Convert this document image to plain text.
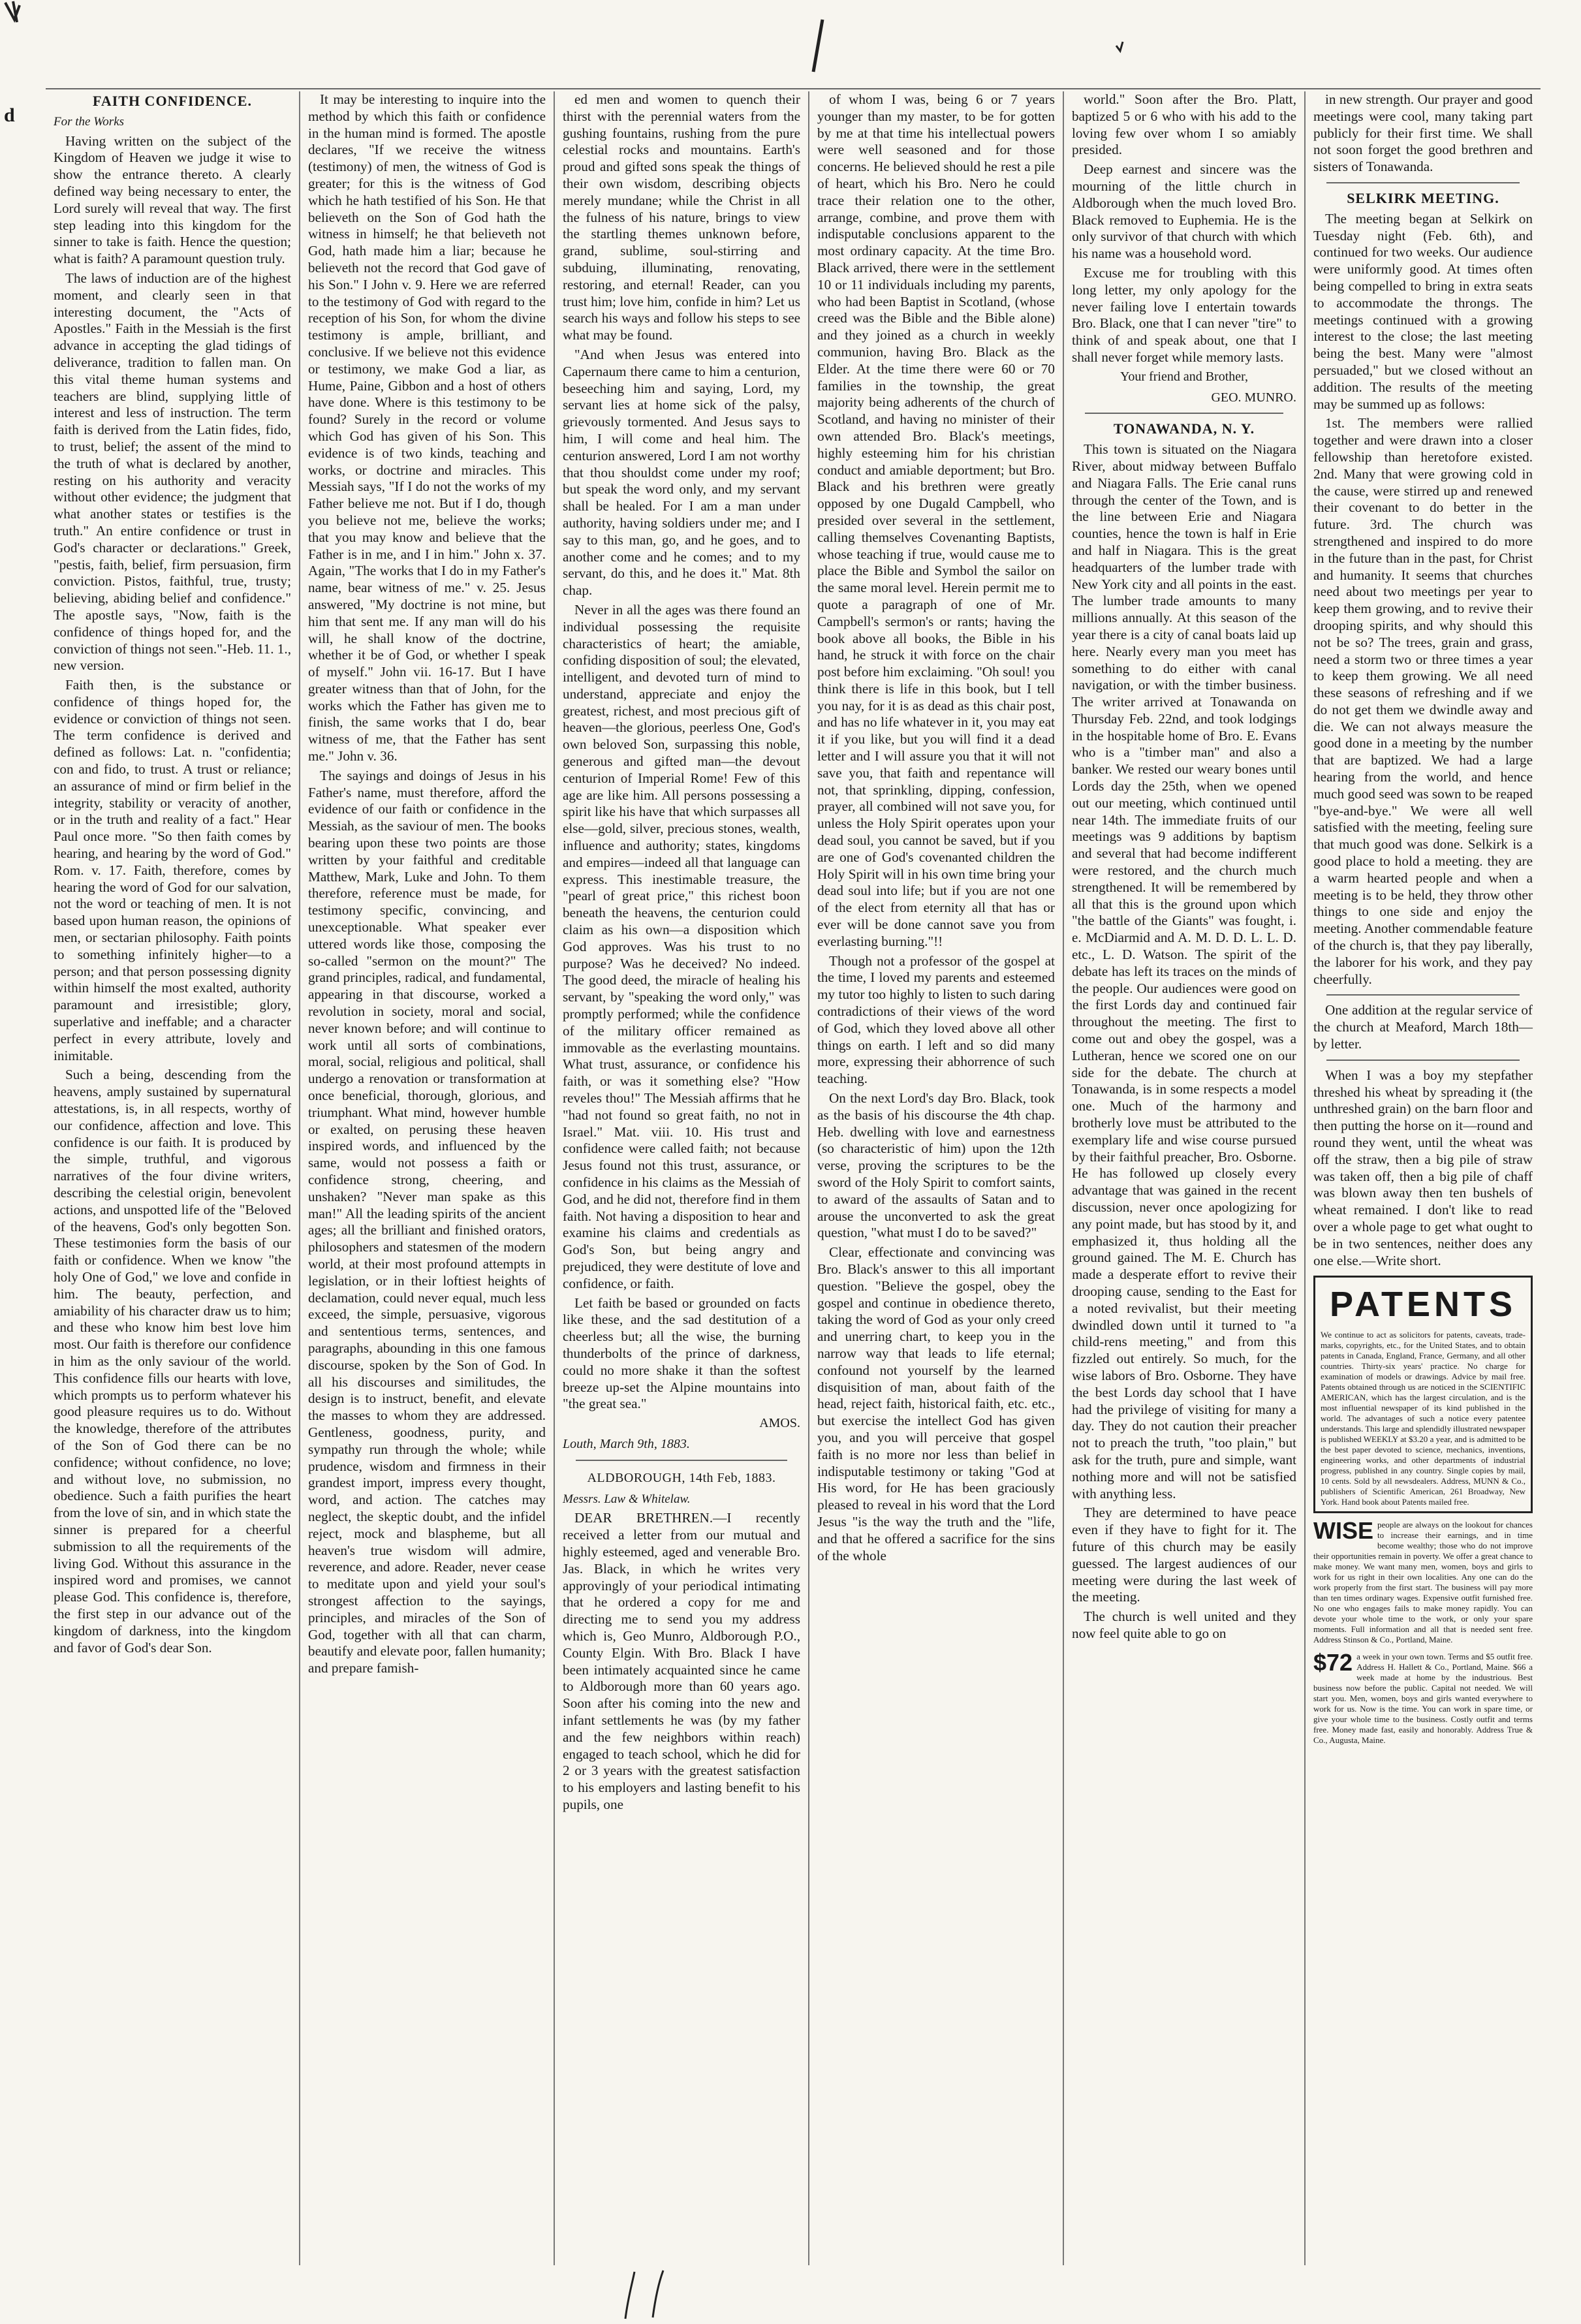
FAITH CONFIDENCE.
For the Works

Having written on the subject of the Kingdom of Heaven we judge it wise to show the entrance thereto. A clearly defined way being necessary to enter, the Lord surely will reveal that way. The first step leading into this kingdom for the sinner to take is faith. Hence the question; what is faith? A paramount question truly.

The laws of induction are of the highest moment, and clearly seen in that interesting document, the "Acts of Apostles." Faith in the Messiah is the first advance in accepting the glad tidings of deliverance, tradition to fallen man. On this vital theme human systems and teachers are blind, supplying little of interest and less of instruction. The term faith is derived from the Latin fides, fido, to trust, belief; the assent of the mind to the truth of what is declared by another, resting on his authority and veracity without other evidence; the judgment that what another states or testifies is the truth." An entire confidence or trust in God's character or declarations." Greek, "pestis, faith, belief, firm persuasion, firm conviction. Pistos, faithful, true, trusty; believing, abiding belief and confidence." The apostle says, "Now, faith is the confidence of things hoped for, and the conviction of things not seen."-Heb. 11. 1., new version.

Faith then, is the substance or confidence of things hoped for, the evidence or conviction of things not seen. The term confidence is derived and defined as follows: Lat. n. "confidentia; con and fido, to trust. A trust or reliance; an assurance of mind or firm belief in the integrity, stability or veracity of another, or in the truth and reality of a fact." Hear Paul once more. "So then faith comes by hearing, and hearing by the word of God." Rom. v. 17. Faith, therefore, comes by hearing the word of God for our salvation, not the word or teaching of men. It is not based upon human reason, the opinions of men, or sectarian philosophy. Faith points to something infinitely higher—to a person; and that person possessing dignity within himself the most exalted, authority paramount and irresistible; glory, superlative and ineffable; and a character perfect in every attribute, lovely and inimitable.

Such a being, descending from the heavens, amply sustained by supernatural attestations, is, in all respects, worthy of our confidence, affection and love. This confidence is our faith. It is produced by the simple, truthful, and vigorous narratives of the four divine writers, describing the celestial origin, benevolent actions, and unspotted life of the "Beloved of the heavens, God's only begotten Son. These testimonies form the basis of our faith or confidence. When we know "the holy One of God," we love and confide in him. The beauty, perfection, and amiability of his character draw us to him; and these who know him best love him most. Our faith is therefore our confidence in him as the only saviour of the world. This confidence fills our hearts with love, which prompts us to perform whatever his good pleasure requires us to do. Without the knowledge, therefore of the attributes of the Son of God there can be no confidence; without confidence, no love; and without love, no submission, no obedience. Such a faith purifies the heart from the love of sin, and in which state the sinner is prepared for a cheerful submission to all the requirements of the living God. Without this assurance in the inspired word and promises, we cannot please God. This confidence is, therefore, the first step in our advance out of the kingdom of darkness, into the kingdom and favor of God's dear Son.

It may be interesting to inquire into the method by which this faith or confidence in the human mind is formed. The apostle declares, "If we receive the witness (testimony) of men, the witness of God is greater; for this is the witness of God which he hath testified of his Son. He that believeth on the Son of God hath the witness in himself; he that believeth not God, hath made him a liar; because he believeth not the record that God gave of his Son." I John v. 9. Here we are referred to the testimony of God with regard to the reception of his Son, for whom the divine testimony is ample, brilliant, and conclusive. If we believe not this evidence or testimony, we make God a liar, as Hume, Paine, Gibbon and a host of others have done. Where is this testimony to be found? Surely in the record or volume which God has given of his Son. This evidence is of two kinds, teaching and works, or doctrine and miracles. This Messiah says, "If I do not the works of my Father believe me not. But if I do, though you believe not me, believe the works; that you may know and believe that the Father is in me, and I in him." John x. 37. Again, "The works that I do in my Father's name, bear witness of me." v. 25. Jesus answered, "My doctrine is not mine, but him that sent me. If any man will do his will, he shall know of the doctrine, whether it be of God, or whether I speak of myself." John vii. 16-17. But I have greater witness than that of John, for the works which the Father has given me to finish, the same works that I do, bear witness of me, that the Father has sent me." John v. 36.

The sayings and doings of Jesus in his Father's name, must therefore, afford the evidence of our faith or confidence in the Messiah, as the saviour of men. The books bearing upon these two points are those written by your faithful and creditable Matthew, Mark, Luke and John. To them therefore, reference must be made, for testimony specific, convincing, and unexceptionable. What speaker ever uttered words like those, composing the so-called "sermon on the mount?" The grand principles, radical, and fundamental, appearing in that discourse, worked a revolution in society, moral and social, never known before; and will continue to work until all sorts of combinations, moral, social, religious and political, shall undergo a renovation or transformation at once beneficial, thorough, glorious, and triumphant. What mind, however humble or exalted, on perusing these heaven inspired words, and influenced by the same, would not possess a faith or confidence strong, cheering, and unshaken? "Never man spake as this man!" All the leading spirits of the ancient ages; all the brilliant and finished orators, philosophers and statesmen of the modern world, at their most profound attempts in legislation, or in their loftiest heights of declamation, could never equal, much less exceed, the simple, persuasive, vigorous and sententious terms, sentences, and paragraphs, abounding in this one famous discourse, spoken by the Son of God. In all his discourses and similitudes, the design is to instruct, benefit, and elevate the masses to whom they are addressed. Gentleness, goodness, purity, and sympathy run through the whole; while prudence, wisdom and firmness in their grandest import, impress every thought, word, and action. The catches may neglect, the skeptic doubt, and the infidel reject, mock and blaspheme, but all heaven's true wisdom will admire, reverence, and adore. Reader, never cease to meditate upon and yield your soul's strongest affection to the sayings, principles, and miracles of the Son of God, together with all that can charm, beautify and elevate poor, fallen humanity; and prepare famish-

ed men and women to quench their thirst with the perennial waters from the gushing fountains, rushing from the pure celestial rocks and mountains. Earth's proud and gifted sons speak the things of their own wisdom, describing objects merely mundane; while the Christ in all the fulness of his nature, brings to view the startling themes unknown before, grand, sublime, soul-stirring and subduing, illuminating, renovating, restoring, and eternal! Reader, can you trust him; love him, confide in him? Let us search his ways and follow his steps to see what may be found.

"And when Jesus was entered into Capernaum there came to him a centurion, beseeching him and saying, Lord, my servant lies at home sick of the palsy, grievously tormented. And Jesus says to him, I will come and heal him. The centurion answered, Lord I am not worthy that thou shouldst come under my roof; but speak the word only, and my servant shall be healed. For I am a man under authority, having soldiers under me; and I say to this man, go, and he goes, and to another come and he comes; and to my servant, do this, and he does it." Mat. 8th chap.

Never in all the ages was there found an individual possessing the requisite characteristics of heart; the amiable, confiding disposition of soul; the elevated, intelligent, and devoted turn of mind to understand, appreciate and enjoy the greatest, richest, and most precious gift of heaven—the glorious, peerless One, God's own beloved Son, surpassing this noble, generous and gifted man—the devout centurion of Imperial Rome! Few of this age are like him. All persons possessing a spirit like his have that which surpasses all else—gold, silver, precious stones, wealth, influence and authority; states, kingdoms and empires—indeed all that language can express. This inestimable treasure, the "pearl of great price," this richest boon beneath the heavens, the centurion could claim as his own—a disposition which God approves. Was his trust to no purpose? Was he deceived? No indeed. The good deed, the miracle of healing his servant, by "speaking the word only," was promptly performed; while the confidence of the military officer remained as immovable as the everlasting mountains. What trust, assurance, or confidence his faith, or was it something else? "How reveles thou!" The Messiah affirms that he "had not found so great faith, no not in Israel." Mat. viii. 10. His trust and confidence were called faith; not because Jesus found not this trust, assurance, or confidence in his claims as the Messiah of God, and he did not, therefore find in them faith. Not having a disposition to hear and examine his claims and credentials as God's Son, but being angry and prejudiced, they were destitute of love and confidence, or faith.

Let faith be based or grounded on facts like these, and the sad destitution of a cheerless but; all the wise, the burning thunderbolts of the prince of darkness, could no more shake it than the softest breeze up-set the Alpine mountains into "the great sea."

AMOS.
Louth, March 9th, 1883.
ALDBOROUGH, 14th Feb, 1883.
Messrs. Law & Whitelaw.

DEAR BRETHREN.—I recently received a letter from our mutual and highly esteemed, aged and venerable Bro. Jas. Black, in which he writes very approvingly of your periodical intimating that he ordered a copy for me and directing me to send you my address which is, Geo Munro, Aldborough P.O., County Elgin. With Bro. Black I have been intimately acquainted since he came to Aldborough more than 60 years ago. Soon after his coming into the new and infant settlements he was (by my father and the few neighbors within reach) engaged to teach school, which he did for 2 or 3 years with the greatest satisfaction to his employers and lasting benefit to his pupils, one

of whom I was, being 6 or 7 years younger than my master, to be for gotten by me at that time his intellectual powers were well seasoned and for those concerns. He believed should he rest a pile of heart, which his Bro. Nero he could trace their relation one to the other, arrange, combine, and prove them with indisputable conclusions apparent to the most ordinary capacity. At the time Bro. Black arrived, there were in the settlement 10 or 11 individuals including my parents, who had been Baptist in Scotland, (whose creed was the Bible and the Bible alone) and they joined as a church in weekly communion, having Bro. Black as the Elder. At the time there were 60 or 70 families in the township, the great majority being adherents of the church of Scotland, and having no minister of their own attended Bro. Black's meetings, highly esteeming him for his christian conduct and amiable deportment; but Bro. Black and his brethren were greatly opposed by one Dugald Campbell, who presided over several in the settlement, calling themselves Covenanting Baptists, whose teaching if true, would cause me to place the Bible and Symbol the sailor on the same moral level. Herein permit me to quote a paragraph of one of Mr. Campbell's sermon's or rants; having the book above all books, the Bible in his hand, he struck it with force on the chair post before him exclaiming. "Oh soul! you think there is life in this book, but I tell you nay, for it is as dead as this chair post, and has no life whatever in it, you may eat it if you like, but you will find it a dead letter and I will assure you that it will not save you, that faith and repentance will not, that sprinkling, dipping, confession, prayer, all combined will not save you, for unless the Holy Spirit operates upon your dead soul, you cannot be saved, but if you are one of God's covenanted children the Holy Spirit will in his own time bring your dead soul into life; but if you are not one of the elect from eternity all that has or ever will be done cannot save you from everlasting burning."!!

Though not a professor of the gospel at the time, I loved my parents and esteemed my tutor too highly to listen to such daring contradictions of their views of the word of God, which they loved above all other things on earth. I left and so did many more, expressing their abhorrence of such teaching.

On the next Lord's day Bro. Black, took as the basis of his discourse the 4th chap. Heb. dwelling with love and earnestness (so characteristic of him) upon the 12th verse, proving the scriptures to be the sword of the Holy Spirit to comfort saints, to award of the assaults of Satan and to arouse the unconverted to ask the great question, "what must I do to be saved?"

Clear, effectionate and convincing was Bro. Black's answer to this all important question. "Believe the gospel, obey the gospel and continue in obedience thereto, taking the word of God as your only creed and unerring chart, to keep you in the narrow way that leads to life eternal; confound not yourself by the learned disquisition of man, about faith of the head, reject faith, historical faith, etc. etc., but exercise the intellect God has given you, and you will perceive that gospel faith is no more nor less than belief in indisputable testimony or taking "God at His word, for He has been graciously pleased to reveal in his word that the Lord Jesus "is the way the truth and the "life, and that he offered a sacrifice for the sins of the whole

world." Soon after the Bro. Platt, baptized 5 or 6 who with his add to the loving few over whom I so amiably presided.

Deep earnest and sincere was the mourning of the little church in Aldborough when the much loved Bro. Black removed to Euphemia. He is the only survivor of that church with which his name was a household word.

Excuse me for troubling with this long letter, my only apology for the never failing love I entertain towards Bro. Black, one that I can never "tire" to think of and speak about, one that I shall never forget while memory lasts.

Your friend and Brother,
GEO. MUNRO.
TONAWANDA, N. Y.

This town is situated on the Niagara River, about midway between Buffalo and Niagara Falls. The Erie canal runs through the center of the Town, and is the line between Erie and Niagara counties, hence the town is half in Erie and half in Niagara. This is the great headquarters of the lumber trade with New York city and all points in the east. The lumber trade amounts to many millions annually. At this season of the year there is a city of canal boats laid up here. Nearly every man you meet has something to do either with canal navigation, or with the timber business. The writer arrived at Tonawanda on Thursday Feb. 22nd, and took lodgings in the hospitable home of Bro. E. Evans who is a "timber man" and also a banker. We rested our weary bones until Lords day the 25th, when we opened out our meeting, which continued until near 14th. The immediate fruits of our meetings was 9 additions by baptism and several that had become indifferent were restored, and the church much strengthened. It will be remembered by all that this is the ground upon which "the battle of the Giants" was fought, i. e. McDiarmid and A. M. D. D. L. L. D. etc., L. D. Watson. The spirit of the debate has left its traces on the minds of the people. Our audiences were good on the first Lords day and continued fair throughout the meeting. The first to come out and obey the gospel, was a Lutheran, hence we scored one on our side for the debate. The church at Tonawanda, is in some respects a model one. Much of the harmony and brotherly love must be attributed to the exemplary life and wise course pursued by their faithful preacher, Bro. Osborne. He has followed up closely every advantage that was gained in the recent discussion, never once apologizing for any point made, but has stood by it, and emphasized it, thus holding all the ground gained. The M. E. Church has made a desperate effort to revive their drooping cause, sending to the East for a noted revivalist, but their meeting dwindled down until it turned to "a child-rens meeting," and from this fizzled out entirely. So much, for the wise labors of Bro. Osborne. They have the best Lords day school that I have had the privilege of visiting for many a day. They do not caution their preacher not to preach the truth, "too plain," but ask for the truth, pure and simple, want nothing more and will not be satisfied with anything less.

They are determined to have peace even if they have to fight for it. The future of this church may be easily guessed. The largest audiences of our meeting were during the last week of the meeting.

The church is well united and they now feel quite able to go on

in new strength. Our prayer and good meetings were cool, many taking part publicly for their first time. We shall not soon forget the good brethren and sisters of Tonawanda.

SELKIRK MEETING.

The meeting began at Selkirk on Tuesday night (Feb. 6th), and continued for two weeks. Our audience were uniformly good. At times often being compelled to bring in extra seats to accommodate the throngs. The meetings continued with a growing interest to the close; the last meeting being the best. Many were "almost persuaded," but we closed without an addition. The results of the meeting may be summed up as follows:

1st. The members were rallied together and were drawn into a closer fellowship than heretofore existed. 2nd. Many that were growing cold in the cause, were stirred up and renewed their covenant to do better in the future. 3rd. The church was strengthened and inspired to do more in the future than in the past, for Christ and humanity. It seems that churches need about two meetings per year to keep them growing, and to revive their drooping spirits, and why should this not be so? The trees, grain and grass, need a storm two or three times a year to keep them growing. We all need these seasons of refreshing and if we do not get them we dwindle away and die. We can not always measure the good done in a meeting by the number that are baptized. We had a large hearing from the world, and hence much good seed was sown to be reaped "bye-and-bye." We were all well satisfied with the meeting, feeling sure that much good was done. Selkirk is a good place to hold a meeting. they are a warm hearted people and when a meeting is to be held, they throw other things to one side and enjoy the meeting. Another commendable feature of the church is, that they pay liberally, the laborer for his work, and they pay cheerfully.

One addition at the regular service of the church at Meaford, March 18th—by letter.

When I was a boy my stepfather threshed his wheat by spreading it (the unthreshed grain) on the barn floor and then putting the horse on it—round and round they went, until the wheat was off the straw, then a big pile of straw was taken off, then a big pile of chaff was blown away then ten bushels of wheat remained. I don't like to read over a whole page to get what ought to be in two sentences, neither does any one else.—Write short.

PATENTS
We continue to act as solicitors for patents, caveats, trade-marks, copyrights, etc., for the United States, and to obtain patents in Canada, England, France, Germany, and all other countries. Thirty-six years' practice. No charge for examination of models or drawings. Advice by mail free. Patents obtained through us are noticed in the SCIENTIFIC AMERICAN, which has the largest circulation, and is the most influential newspaper of its kind published in the world. The advantages of such a notice every patentee understands. This large and splendidly illustrated newspaper is published WEEKLY at $3.20 a year, and is admitted to be the best paper devoted to science, mechanics, inventions, engineering works, and other departments of industrial progress, published in any country. Single copies by mail, 10 cents. Sold by all newsdealers. Address, MUNN & Co., publishers of Scientific American, 261 Broadway, New York. Hand book about Patents mailed free.
WISE people are always on the lookout for chances to increase their earnings, and in time become wealthy; those who do not improve their opportunities remain in poverty. We offer a great chance to make money. We want many men, women, boys and girls to work for us right in their own localities. Any one can do the work properly from the first start. The business will pay more than ten times ordinary wages. Expensive outfit furnished free. No one who engages fails to make money rapidly. You can devote your whole time to the work, or only your spare moments. Full information and all that is needed sent free. Address Stinson & Co., Portland, Maine.
$72 a week in your own town. Terms and $5 outfit free. Address H. Hallett & Co., Portland, Maine. $66 a week made at home by the industrious. Best business now before the public. Capital not needed. We will start you. Men, women, boys and girls wanted everywhere to work for us. Now is the time. You can work in spare time, or give your whole time to the business. Costly outfit and terms free. Money made fast, easily and honorably. Address True & Co., Augusta, Maine.
d
